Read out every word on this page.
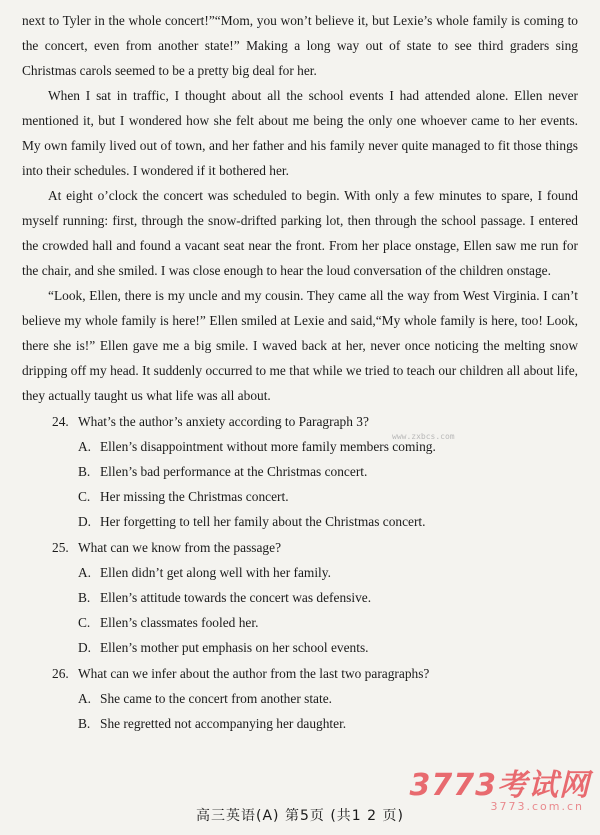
next to Tyler in the whole concert!”“Mom, you won’t believe it, but Lexie’s whole family is coming to the concert, even from another state!” Making a long way out of state to see third graders sing Christmas carols seemed to be a pretty big deal for her.

When I sat in traffic, I thought about all the school events I had attended alone. Ellen never mentioned it, but I wondered how she felt about me being the only one whoever came to her events. My own family lived out of town, and her father and his family never quite managed to fit those things into their schedules. I wondered if it bothered her.

At eight o’clock the concert was scheduled to begin. With only a few minutes to spare, I found myself running: first, through the snow-drifted parking lot, then through the school passage. I entered the crowded hall and found a vacant seat near the front. From her place onstage, Ellen saw me run for the chair, and she smiled. I was close enough to hear the loud conversation of the children onstage.

“Look, Ellen, there is my uncle and my cousin. They came all the way from West Virginia. I can’t believe my whole family is here!” Ellen smiled at Lexie and said,“My whole family is here, too! Look, there she is!” Ellen gave me a big smile. I waved back at her, never once noticing the melting snow dripping off my head. It suddenly occurred to me that while we tried to teach our children all about life, they actually taught us what life was all about.

24. What’s the author’s anxiety according to Paragraph 3?

A. Ellen’s disappointment without more family members coming.

B. Ellen’s bad performance at the Christmas concert.

C. Her missing the Christmas concert.

D. Her forgetting to tell her family about the Christmas concert.

25. What can we know from the passage?

A. Ellen didn’t get along well with her family.

B. Ellen’s attitude towards the concert was defensive.

C. Ellen’s classmates fooled her.

D. Ellen’s mother put emphasis on her school events.

26. What can we infer about the author from the last two paragraphs?

A. She came to the concert from another state.

B. She regretted not accompanying her daughter.

www.zxbcs.com
高三英语(A) 第5页 (共1 2 页)
3773考试网
3773.com.cn
